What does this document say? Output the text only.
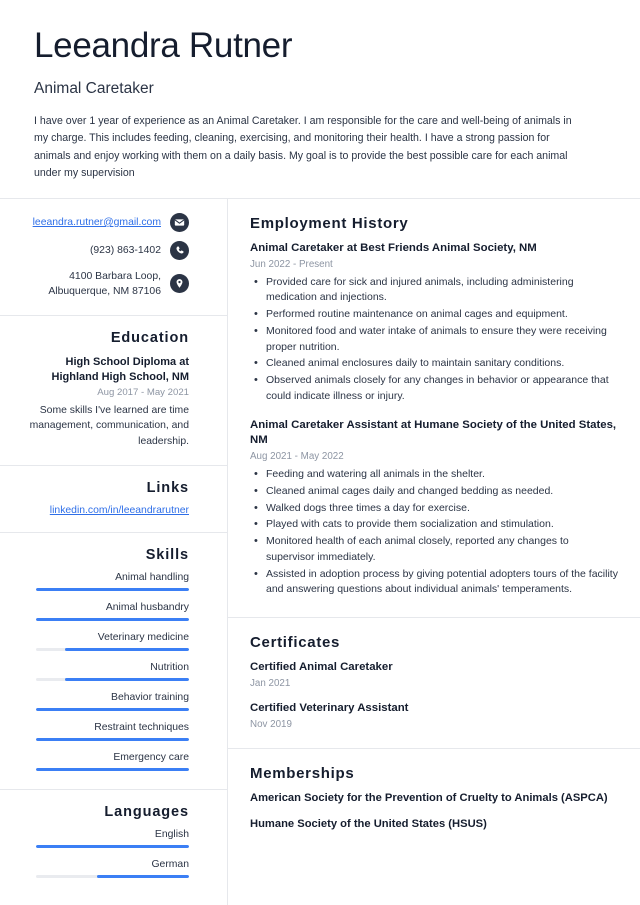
Leeandra Rutner
Animal Caretaker
I have over 1 year of experience as an Animal Caretaker. I am responsible for the care and well-being of animals in my charge. This includes feeding, cleaning, exercising, and monitoring their health. I have a strong passion for animals and enjoy working with them on a daily basis. My goal is to provide the best possible care for each animal under my supervision
leeandra.rutner@gmail.com
(923) 863-1402
4100 Barbara Loop,
Albuquerque, NM 87106
Education
High School Diploma at
Highland High School, NM
Aug 2017 - May 2021
Some skills I've learned are time management, communication, and leadership.
Links
linkedin.com/in/leeandrarutner
Skills
Animal handling
Animal husbandry
Veterinary medicine
Nutrition
Behavior training
Restraint techniques
Emergency care
Languages
English
German
Employment History
Animal Caretaker at Best Friends Animal Society, NM
Jun 2022 - Present
• Provided care for sick and injured animals, including administering medication and injections.
• Performed routine maintenance on animal cages and equipment.
• Monitored food and water intake of animals to ensure they were receiving proper nutrition.
• Cleaned animal enclosures daily to maintain sanitary conditions.
• Observed animals closely for any changes in behavior or appearance that could indicate illness or injury.
Animal Caretaker Assistant at Humane Society of the United States, NM
Aug 2021 - May 2022
• Feeding and watering all animals in the shelter.
• Cleaned animal cages daily and changed bedding as needed.
• Walked dogs three times a day for exercise.
• Played with cats to provide them socialization and stimulation.
• Monitored health of each animal closely, reported any changes to supervisor immediately.
• Assisted in adoption process by giving potential adopters tours of the facility and answering questions about individual animals' temperaments.
Certificates
Certified Animal Caretaker
Jan 2021
Certified Veterinary Assistant
Nov 2019
Memberships
American Society for the Prevention of Cruelty to Animals (ASPCA)
Humane Society of the United States (HSUS)
